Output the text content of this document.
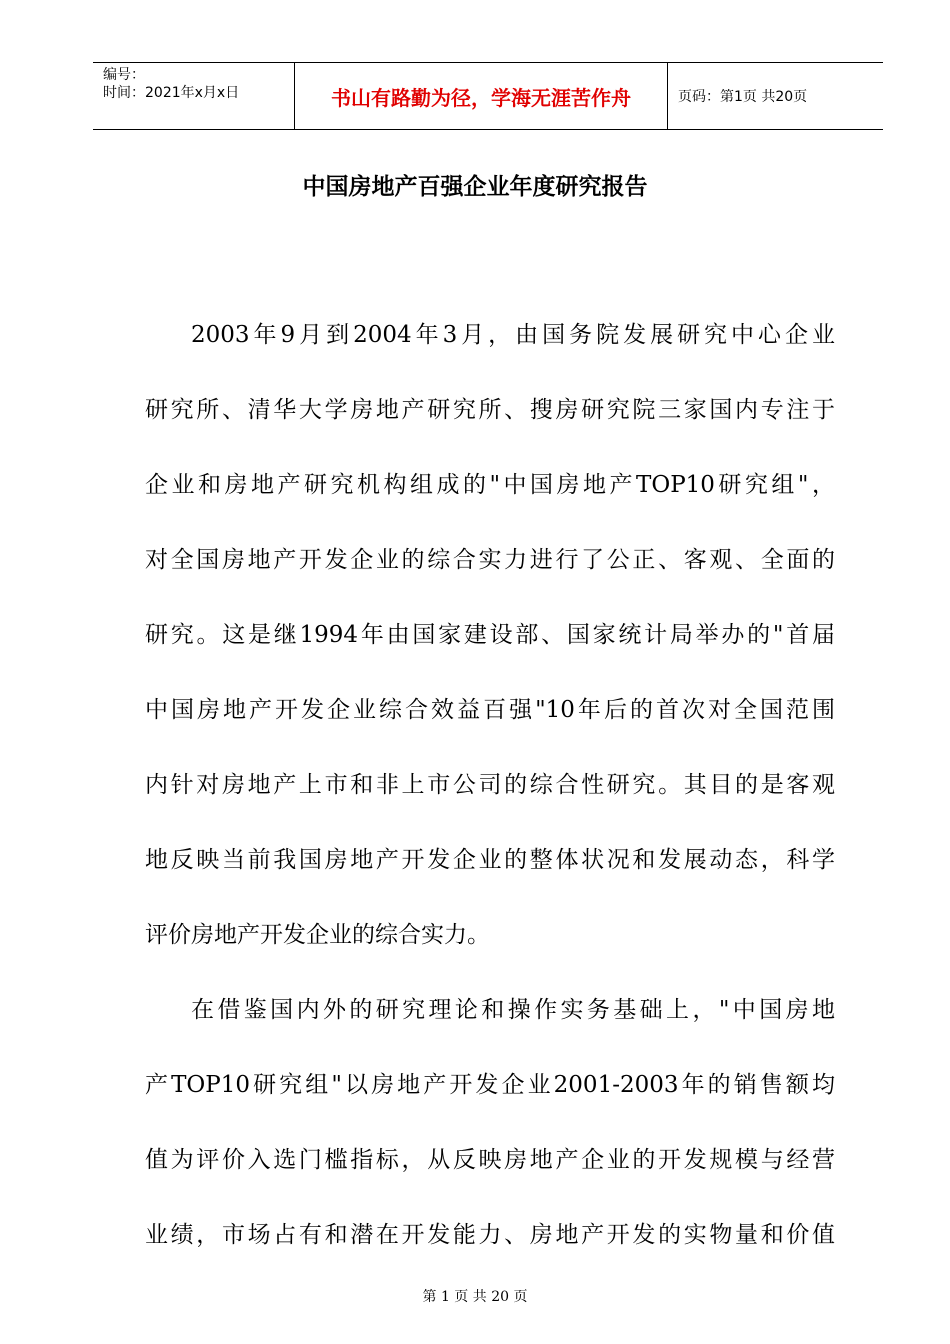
编号：
时间：2021年x月x日	书山有路勤为径，学海无涯苦作舟	页码：第1页 共20页
中国房地产百强企业年度研究报告
2003年9月到2004年3月，由国务院发展研究中心企业
研究所、清华大学房地产研究所、搜房研究院三家国内专注于
企业和房地产研究机构组成的"中国房地产TOP10研究组"，
对全国房地产开发企业的综合实力进行了公正、客观、全面的
研究。这是继1994年由国家建设部、国家统计局举办的"首届
中国房地产开发企业综合效益百强"10年后的首次对全国范围
内针对房地产上市和非上市公司的综合性研究。其目的是客观
地反映当前我国房地产开发企业的整体状况和发展动态，科学
评价房地产开发企业的综合实力。
在借鉴国内外的研究理论和操作实务基础上，"中国房地
产TOP10研究组"以房地产开发企业2001-2003年的销售额均
值为评价入选门槛指标，从反映房地产企业的开发规模与经营
业绩，市场占有和潜在开发能力、房地产开发的实物量和价值
第 1 页 共 20 页
